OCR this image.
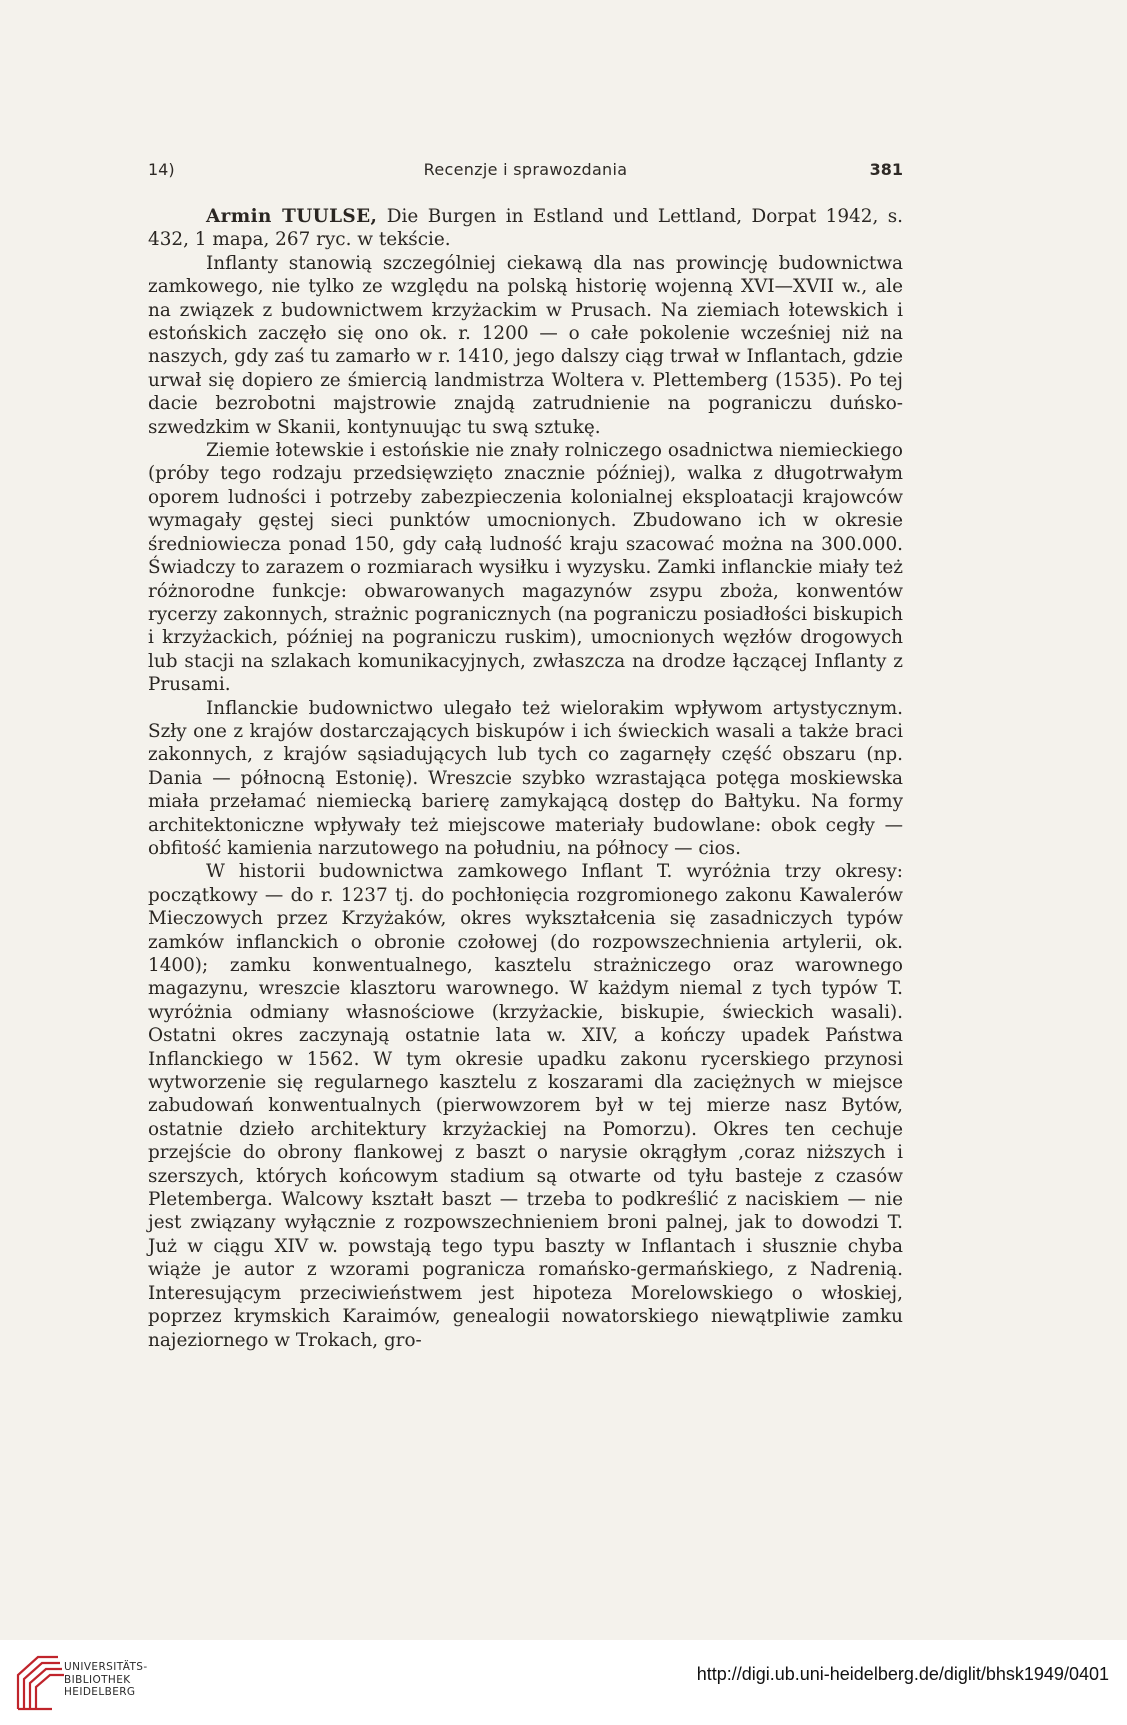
14)	Recenzje i sprawozdania	381

Armin TUULSE, Die Burgen in Estland und Lettland, Dorpat 1942, s. 432, 1 mapa, 267 ryc. w tekście.

Inflanty stanowią szczególniej ciekawą dla nas prowincję budownictwa zamkowego, nie tylko ze względu na polską historię wojenną XVI—XVII w., ale na związek z budownictwem krzyżackim w Prusach. Na ziemiach łotewskich i estońskich zaczęło się ono ok. r. 1200 — o całe pokolenie wcześniej niż na naszych, gdy zaś tu zamarło w r. 1410, jego dalszy ciąg trwał w Inflantach, gdzie urwał się dopiero ze śmiercią landmistrza Woltera v. Plettemberg (1535). Po tej dacie bezrobotni majstrowie znajdą zatrudnienie na pograniczu duńsko-szwedzkim w Skanii, kontynuując tu swą sztukę.

Ziemie łotewskie i estońskie nie znały rolniczego osadnictwa niemieckiego (próby tego rodzaju przedsięwzięto znacznie później), walka z długotrwałym oporem ludności i potrzeby zabezpieczenia kolonialnej eksploatacji krajowców wymagały gęstej sieci punktów umocnionych. Zbudowano ich w okresie średniowiecza ponad 150, gdy całą ludność kraju szacować można na 300.000. Świadczy to zarazem o rozmiarach wysiłku i wyzysku. Zamki inflanckie miały też różnorodne funkcje: obwarowanych magazynów zsypu zboża, konwentów rycerzy zakonnych, strażnic pogranicznych (na pograniczu posiadłości biskupich i krzyżackich, później na pograniczu ruskim), umocnionych węzłów drogowych lub stacji na szlakach komunikacyjnych, zwłaszcza na drodze łączącej Inflanty z Prusami.

Inflanckie budownictwo ulegało też wielorakim wpływom artystycznym. Szły one z krajów dostarczających biskupów i ich świeckich wasali a także braci zakonnych, z krajów sąsiadujących lub tych co zagarnęły część obszaru (np. Dania — północną Estonię). Wreszcie szybko wzrastająca potęga moskiewska miała przełamać niemiecką barierę zamykającą dostęp do Bałtyku. Na formy architektoniczne wpływały też miejscowe materiały budowlane: obok cegły — obfitość kamienia narzutowego na południu, na północy — cios.

W historii budownictwa zamkowego Inflant T. wyróżnia trzy okresy: początkowy — do r. 1237 tj. do pochłonięcia rozgromionego zakonu Kawalerów Mieczowych przez Krzyżaków, okres wykształcenia się zasadniczych typów zamków inflanckich o obronie czołowej (do rozpowszechnienia artylerii, ok. 1400); zamku konwentualnego, kasztelu strażniczego oraz warownego magazynu, wreszcie klasztoru warownego. W każdym niemal z tych typów T. wyróżnia odmiany własnościowe (krzyżackie, biskupie, świeckich wasali). Ostatni okres zaczynają ostatnie lata w. XIV, a kończy upadek Państwa Inflanckiego w 1562. W tym okresie upadku zakonu rycerskiego przynosi wytworzenie się regularnego kasztelu z koszarami dla zaciężnych w miejsce zabudowań konwentualnych (pierwowzorem był w tej mierze nasz Bytów, ostatnie dzieło architektury krzyżackiej na Pomorzu). Okres ten cechuje przejście do obrony flankowej z baszt o narysie okrągłym ,coraz niższych i szerszych, których końcowym stadium są otwarte od tyłu basteje z czasów Pletemberga. Walcowy kształt baszt — trzeba to podkreślić z naciskiem — nie jest związany wyłącznie z rozpowszechnieniem broni palnej, jak to dowodzi T. Już w ciągu XIV w. powstają tego typu baszty w Inflantach i słusznie chyba wiąże je autor z wzorami pogranicza romańsko-germańskiego, z Nadrenią. Interesującym przeciwieństwem jest hipoteza Morelowskiego o włoskiej, poprzez krymskich Karaimów, genealogii nowatorskiego niewątpliwie zamku najeziornego w Trokach, gro-

UNIVERSITÄTS-
BIBLIOTHEK
HEIDELBERG
http://digi.ub.uni-heidelberg.de/diglit/bhsk1949/0401
